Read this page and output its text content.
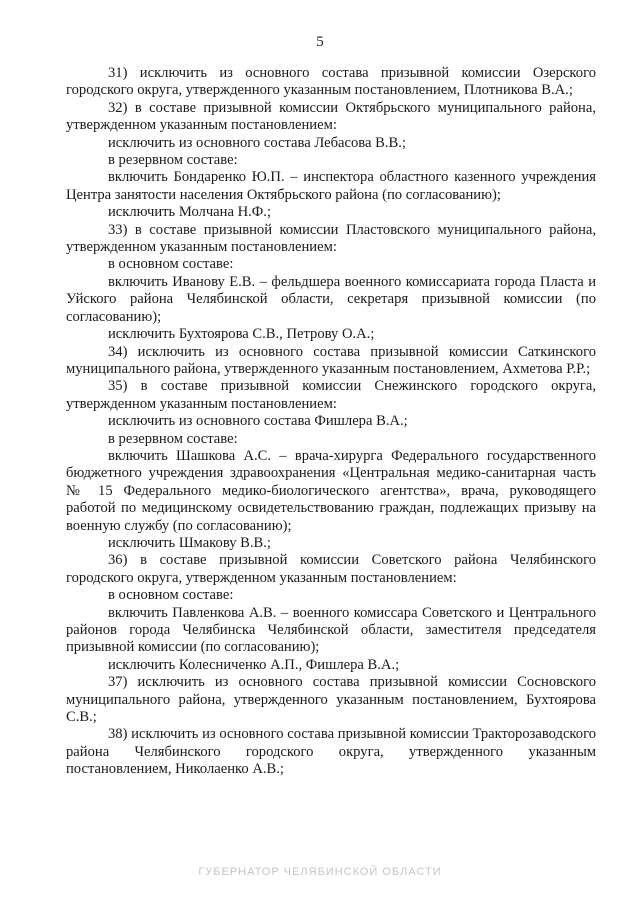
5

31) исключить из основного состава призывной комиссии Озерского городского округа, утвержденного указанным постановлением, Плотникова В.А.;

32) в составе призывной комиссии Октябрьского муниципального района, утвержденном указанным постановлением:

исключить из основного состава Лебасова В.В.;

в резервном составе:

включить Бондаренко Ю.П. – инспектора областного казенного учреждения Центра занятости населения Октябрьского района (по согласованию);

исключить Молчана Н.Ф.;

33) в составе призывной комиссии Пластовского муниципального района, утвержденном указанным постановлением:

в основном составе:

включить Иванову Е.В. – фельдшера военного комиссариата города Пласта и Уйского района Челябинской области, секретаря призывной комиссии (по согласованию);

исключить Бухтоярова С.В., Петрову О.А.;

34) исключить из основного состава призывной комиссии Саткинского муниципального района, утвержденного указанным постановлением, Ахметова Р.Р.;

35) в составе призывной комиссии Снежинского городского округа, утвержденном указанным постановлением:

исключить из основного состава Фишлера В.А.;

в резервном составе:

включить Шашкова А.С. – врача-хирурга Федерального государственного бюджетного учреждения здравоохранения «Центральная медико-санитарная часть № 15 Федерального медико-биологического агентства», врача, руководящего работой по медицинскому освидетельствованию граждан, подлежащих призыву на военную службу (по согласованию);

исключить Шмакову В.В.;

36) в составе призывной комиссии Советского района Челябинского городского округа, утвержденном указанным постановлением:

в основном составе:

включить Павленкова А.В. – военного комиссара Советского и Центрального районов города Челябинска Челябинской области, заместителя председателя призывной комиссии (по согласованию);

исключить Колесниченко А.П., Фишлера В.А.;

37) исключить из основного состава призывной комиссии Сосновского муниципального района, утвержденного указанным постановлением, Бухтоярова С.В.;

38) исключить из основного состава призывной комиссии Тракторозаводского района Челябинского городского округа, утвержденного указанным постановлением, Николаенко А.В.;

ГУБЕРНАТОР ЧЕЛЯБИНСКОЙ ОБЛАСТИ
